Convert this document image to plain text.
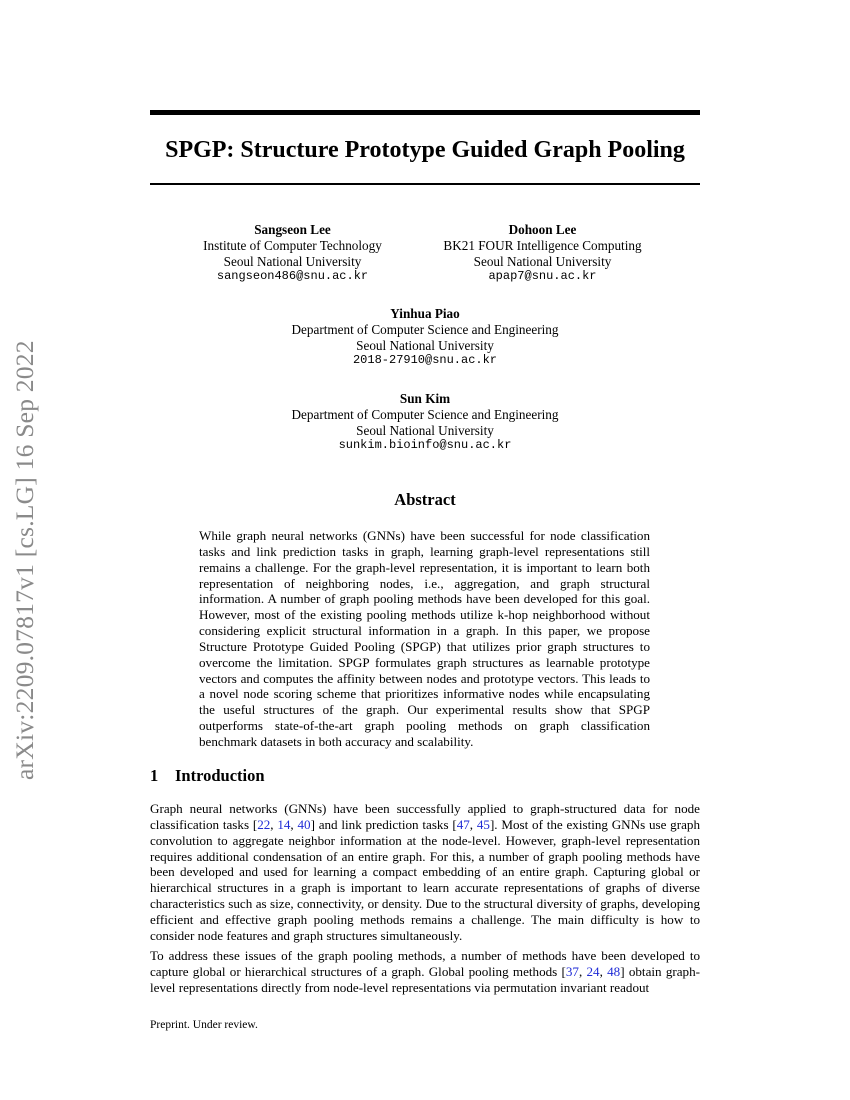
arXiv:2209.07817v1 [cs.LG] 16 Sep 2022
SPGP: Structure Prototype Guided Graph Pooling
Sangseon Lee
Institute of Computer Technology
Seoul National University
sangseon486@snu.ac.kr
Dohoon Lee
BK21 FOUR Intelligence Computing
Seoul National University
apap7@snu.ac.kr
Yinhua Piao
Department of Computer Science and Engineering
Seoul National University
2018-27910@snu.ac.kr
Sun Kim
Department of Computer Science and Engineering
Seoul National University
sunkim.bioinfo@snu.ac.kr
Abstract
While graph neural networks (GNNs) have been successful for node classification tasks and link prediction tasks in graph, learning graph-level representations still remains a challenge. For the graph-level representation, it is important to learn both representation of neighboring nodes, i.e., aggregation, and graph structural information. A number of graph pooling methods have been developed for this goal. However, most of the existing pooling methods utilize k-hop neighborhood without considering explicit structural information in a graph. In this paper, we propose Structure Prototype Guided Pooling (SPGP) that utilizes prior graph structures to overcome the limitation. SPGP formulates graph structures as learnable prototype vectors and computes the affinity between nodes and prototype vectors. This leads to a novel node scoring scheme that prioritizes informative nodes while encapsulating the useful structures of the graph. Our experimental results show that SPGP outperforms state-of-the-art graph pooling methods on graph classification benchmark datasets in both accuracy and scalability.
1 Introduction
Graph neural networks (GNNs) have been successfully applied to graph-structured data for node classification tasks [22, 14, 40] and link prediction tasks [47, 45]. Most of the existing GNNs use graph convolution to aggregate neighbor information at the node-level. However, graph-level representation requires additional condensation of an entire graph. For this, a number of graph pooling methods have been developed and used for learning a compact embedding of an entire graph. Capturing global or hierarchical structures in a graph is important to learn accurate representations of graphs of diverse characteristics such as size, connectivity, or density. Due to the structural diversity of graphs, developing efficient and effective graph pooling methods remains a challenge. The main difficulty is how to consider node features and graph structures simultaneously.
To address these issues of the graph pooling methods, a number of methods have been developed to capture global or hierarchical structures of a graph. Global pooling methods [37, 24, 48] obtain graph-level representations directly from node-level representations via permutation invariant readout
Preprint. Under review.
